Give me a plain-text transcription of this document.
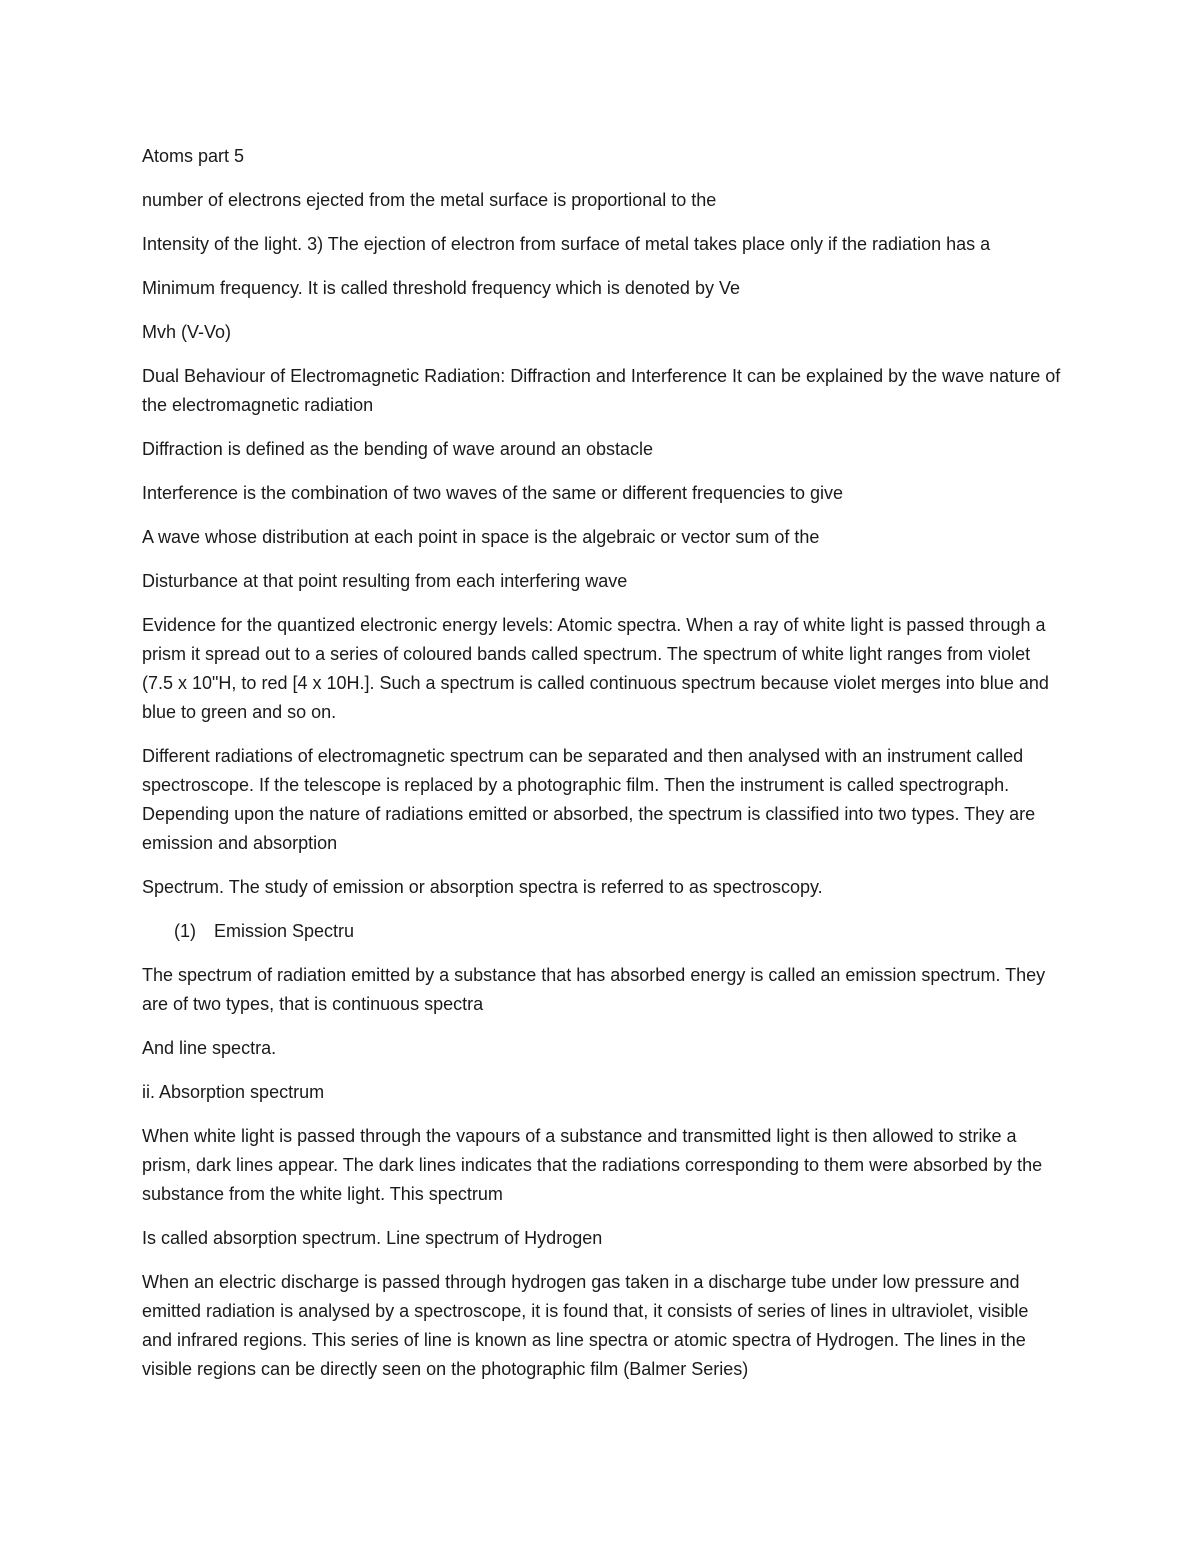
Atoms part 5

number of electrons ejected from the metal surface is proportional to the

Intensity of the light. 3) The ejection of electron from surface of metal takes place only if the radiation has a

Minimum frequency. It is called threshold frequency which is denoted by Ve

Mvh (V-Vo)

Dual Behaviour of Electromagnetic Radiation: Diffraction and Interference It can be explained by the wave nature of the electromagnetic radiation

Diffraction is defined as the bending of wave around an obstacle

Interference is the combination of two waves of the same or different frequencies to give

A wave whose distribution at each point in space is the algebraic or vector sum of the

Disturbance at that point resulting from each interfering wave

Evidence for the quantized electronic energy levels: Atomic spectra. When a ray of white light is passed through a prism it spread out to a series of coloured bands called spectrum. The spectrum of white light ranges from violet (7.5 x 10"H, to red [4 x 10H.]. Such a spectrum is called continuous spectrum because violet merges into blue and blue to green and so on.

Different radiations of electromagnetic spectrum can be separated and then analysed with an instrument called spectroscope. If the telescope is replaced by a photographic film. Then the instrument is called spectrograph. Depending upon the nature of radiations emitted or absorbed, the spectrum is classified into two types. They are emission and absorption

Spectrum. The study of emission or absorption spectra is referred to as spectroscopy.

(1)	Emission Spectru

The spectrum of radiation emitted by a substance that has absorbed energy is called an emission spectrum. They are of two types, that is continuous spectra

And line spectra.

ii. Absorption spectrum

When white light is passed through the vapours of a substance and transmitted light is then allowed to strike a prism, dark lines appear. The dark lines indicates that the radiations corresponding to them were absorbed by the substance from the white light. This spectrum

Is called absorption spectrum. Line spectrum of Hydrogen

When an electric discharge is passed through hydrogen gas taken in a discharge tube under low pressure and emitted radiation is analysed by a spectroscope, it is found that, it consists of series of lines in ultraviolet, visible and infrared regions. This series of line is known as line spectra or atomic spectra of Hydrogen. The lines in the visible regions can be directly seen on the photographic film (Balmer Series)
